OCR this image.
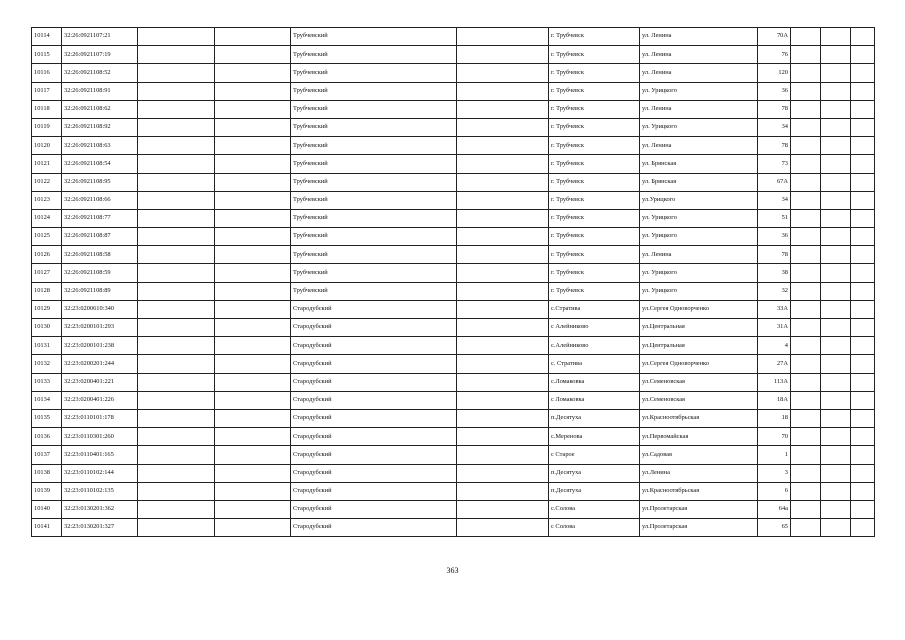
10114	32:26:0921107:21			Трубчевский		г. Трубчевск	ул. Ленина	70А			
10115	32:26:0921107:19			Трубчевский		г. Трубчевск	ул. Ленина	76			
10116	32:26:0921108:52			Трубчевский		г. Трубчевск	ул. Ленина	120			
10117	32:26:0921108:91			Трубчевский		г. Трубчевск	ул. Урицкого	36			
10118	32:26:0921108:62			Трубчевский		г. Трубчевск	ул. Ленина	78			
10119	32:26:0921108:92			Трубчевский		г. Трубчевск	ул. Урицкого	34			
10120	32:26:0921108:63			Трубчевский		г. Трубчевск	ул. Ленина	78			
10121	32:26:0921108:54			Трубчевский		г. Трубчевск	ул. Брянская	73			
10122	32:26:0921108:95			Трубчевский		г. Трубчевск	ул. Брянская	67А			
10123	32:26:0921108:66			Трубчевский		г. Трубчевск	ул.Урицкого	34			
10124	32:26:0921108:77			Трубчевский		г. Трубчевск	ул. Урицкого	51			
10125	32:26:0921108:87			Трубчевский		г. Трубчевск	ул. Урицкого	36			
10126	32:26:0921108:58			Трубчевский		г. Трубчевск	ул. Ленина	78			
10127	32:26:0921108:59			Трубчевский		г. Трубчевск	ул. Урицкого	38			
10128	32:26:0921108:89			Трубчевский		г. Трубчевск	ул. Урицкого	32			
10129	32:23:0200610:340			Стародубский		с.Стратива	ул.Сергея Одноворченко	33А			
10130	32:23:0200101:293			Стародубский		с Алейниково	ул.Центральная	31А			
10131	32:23:0200101:238			Стародубский		с.Алейниково	ул.Центральная	4			
10132	32:23:0200201:244			Стародубский		с. Стратива	ул.Сергея Одноворченко	27А			
10133	32:23:0200401:221			Стародубский		с.Ломаковка	ул.Семеновская	113А			
10134	32:23:0200401:226			Стародубский		с Ломаковка	ул.Семеновская	18А			
10135	32:23:0110101:178			Стародубский		п.Десятуха	ул.Красноотябрьская	18			
10136	32:23:0110301:260			Стародубский		с.Меренова	ул.Первомайская	70			
10137	32:23:0110401:165			Стародубский		с Старое	ул.Садовая	1			
10138	32:23:0110102:144			Стародубский		п.Десятуха	ул.Ленина	3			
10139	32:23:0110102:135			Стародубский		п.Десятуха	ул.Красноотябрьская	6			
10140	32:23:0130201:362			Стародубский		с.Солова	ул.Пролетарская	64а			
10141	32:23:0130201:327			Стародубский		с Солова	ул.Пролетарская	65			
363
